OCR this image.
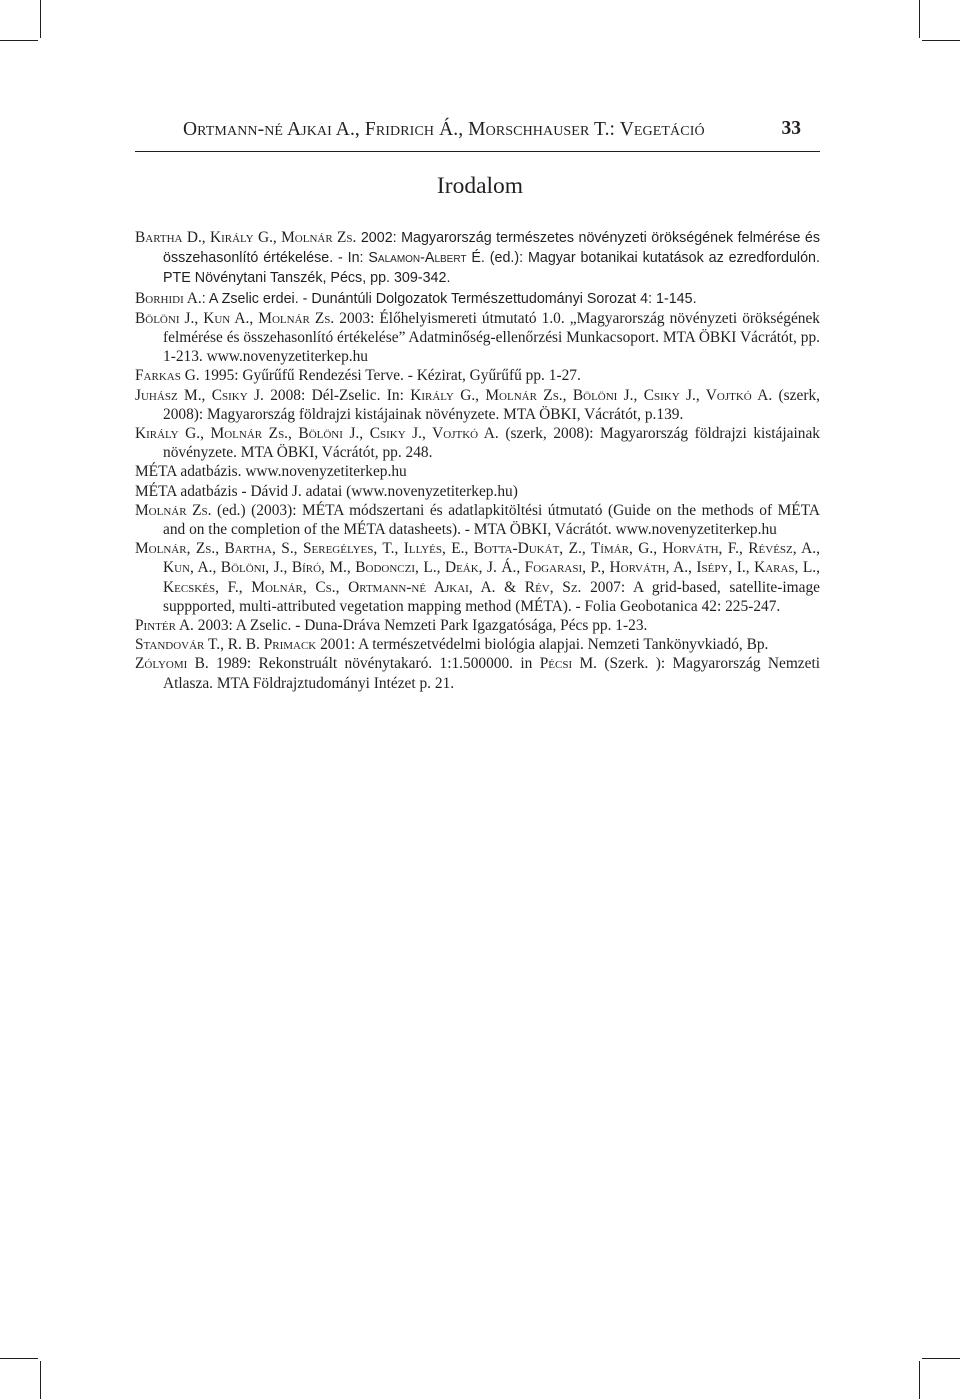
Ortmann-né Ajkai A., Fridrich Á., Morschhauser T.: Vegetáció	33
Irodalom
Bartha D., Király G., Molnár Zs. 2002: Magyarország természetes növényzeti örökségének felmérése és összehasonlító értékelése. - In: Salamon-Albert É. (ed.): Magyar botanikai kutatások az ezredfordulón. PTE Növénytani Tanszék, Pécs, pp. 309-342.
Borhidi A.: A Zselic erdei. - Dunántúli Dolgozatok Természettudományi Sorozat 4: 1-145.
Bölöni J., Kun A., Molnár Zs. 2003: Élőhelyismereti útmutató 1.0. „Magyarország növényzeti örökségének felmérése és összehasonlító értékelése” Adatminőség-ellenőrzési Munkacsoport. MTA ÖBKI Vácrátót, pp. 1-213. www.novenyzetiterkep.hu
Farkas G. 1995: Gyűrűfű Rendezési Terve. - Kézirat, Gyűrűfű pp. 1-27.
Juhász M., Csiky J. 2008: Dél-Zselic. In: Király G., Molnár Zs., Bölöni J., Csiky J., Vojtkó A. (szerk, 2008): Magyarország földrajzi kistájainak növényzete. MTA ÖBKI, Vácrátót, p.139.
Király G., Molnár Zs., Bölöni J., Csiky J., Vojtkó A. (szerk, 2008): Magyarország földrajzi kistájainak növényzete. MTA ÖBKI, Vácrátót, pp. 248.
MÉTA adatbázis. www.novenyzetiterkep.hu
MÉTA adatbázis - Dávid J. adatai (www.novenyzetiterkep.hu)
Molnár Zs. (ed.) (2003): MÉTA módszertani és adatlapkitöltési útmutató (Guide on the methods of MÉTA and on the completion of the MÉTA datasheets). - MTA ÖBKI, Vácrátót. www.novenyzetiterkep.hu
Molnár, Zs., Bartha, S., Seregélyes, T., Illyés, E., Botta-Dukát, Z., Tímár, G., Horváth, F., Révész, A., Kun, A., Bölöni, J., Bíró, M., Bodonczi, L., Deák, J. Á., Fogarasi, P., Horváth, A., Isépy, I., Karas, L., Kecskés, F., Molnár, Cs., Ortmann-né Ajkai, A. & Rév, Sz. 2007: A grid-based, satellite-image suppported, multi-attributed vegetation mapping method (MÉTA). - Folia Geobotanica 42: 225-247.
Pintér A. 2003: A Zselic. - Duna-Dráva Nemzeti Park Igazgatósága, Pécs pp. 1-23.
Standovár T., R. B. Primack 2001: A természetvédelmi biológia alapjai. Nemzeti Tankönyvkiadó, Bp.
Zólyomi B. 1989: Rekonstruált növénytakaró. 1:1.500000. in Pécsi M. (Szerk. ): Magyarország Nemzeti Atlasza. MTA Földrajztudományi Intézet p. 21.
